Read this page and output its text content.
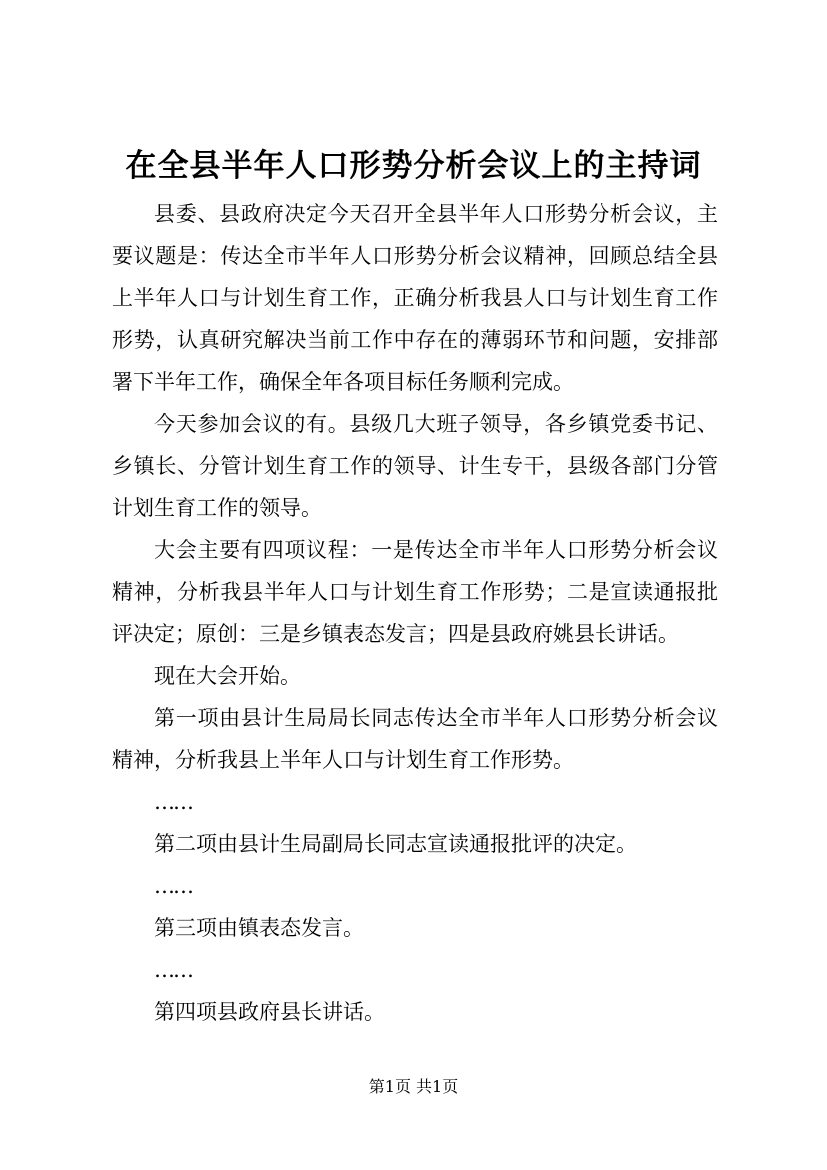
在全县半年人口形势分析会议上的主持词

县委、县政府决定今天召开全县半年人口形势分析会议，主要议题是：传达全市半年人口形势分析会议精神，回顾总结全县上半年人口与计划生育工作，正确分析我县人口与计划生育工作形势，认真研究解决当前工作中存在的薄弱环节和问题，安排部署下半年工作，确保全年各项目标任务顺利完成。

今天参加会议的有。县级几大班子领导，各乡镇党委书记、乡镇长、分管计划生育工作的领导、计生专干，县级各部门分管计划生育工作的领导。

大会主要有四项议程：一是传达全市半年人口形势分析会议精神，分析我县半年人口与计划生育工作形势；二是宣读通报批评决定；原创：三是乡镇表态发言；四是县政府姚县长讲话。

现在大会开始。

第一项由县计生局局长同志传达全市半年人口形势分析会议精神，分析我县上半年人口与计划生育工作形势。

……

第二项由县计生局副局长同志宣读通报批评的决定。

……

第三项由镇表态发言。

……

第四项县政府县长讲话。

第1页 共1页
